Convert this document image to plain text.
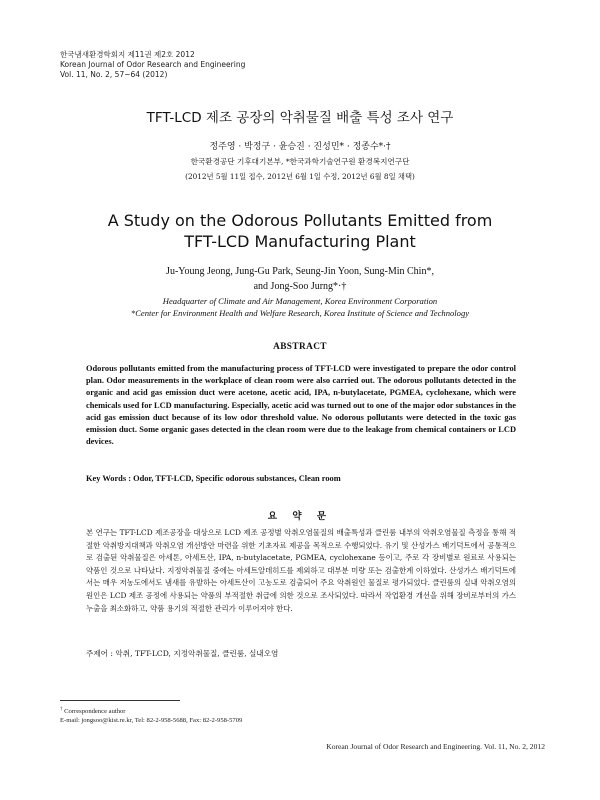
한국냄새환경학회지 제11권 제2호 2012
Korean Journal of Odor Research and Engineering
Vol. 11, No. 2, 57~64 (2012)
TFT-LCD 제조 공장의 악취물질 배출 특성 조사 연구
정주영 · 박정구 · 윤승진 · 진성민* · 정종수*·†
한국환경공단 기후대기본부, *한국과학기술연구원 환경복지연구단
(2012년 5월 11일 접수, 2012년 6월 1일 수정, 2012년 6월 8일 채택)
A Study on the Odorous Pollutants Emitted from
TFT-LCD Manufacturing Plant
Ju-Young Jeong, Jung-Gu Park, Seung-Jin Yoon, Sung-Min Chin*,
and Jong-Soo Jurng*·†
Headquarter of Climate and Air Management, Korea Environment Corporation
*Center for Environment Health and Welfare Research, Korea Institute of Science and Technology
ABSTRACT
Odorous pollutants emitted from the manufacturing process of TFT-LCD were investigated to prepare the odor control plan. Odor measurements in the workplace of clean room were also carried out. The odorous pollutants detected in the organic and acid gas emission duct were acetone, acetic acid, IPA, n-butylacetate, PGMEA, cyclohexane, which were chemicals used for LCD manufacturing. Especially, acetic acid was turned out to one of the major odor substances in the acid gas emission duct because of its low odor threshold value. No odorous pollutants were detected in the toxic gas emission duct. Some organic gases detected in the clean room were due to the leakage from chemical containers or LCD devices.
Key Words : Odor, TFT-LCD, Specific odorous substances, Clean room
요 약 문
본 연구는 TFT-LCD 제조공장을 대상으로 LCD 제조 공정별 악취오염물질의 배출특성과 클린룸 내부의 악취오염물질 측정을 통해 적절한 악취방지대책과 악취오염 개선방안 마련을 위한 기초자료 제공을 목적으로 수행되었다. 유기 및 산성가스 배기덕트에서 공통적으로 검출된 악취물질은 아세톤, 아세트산, IPA, n-butylacetate, PGMEA, cyclohexane 등이고, 주로 각 장비별로 원료로 사용되는 약품인 것으로 나타났다. 지정악취물질 중에는 아세트알데히드를 제외하고 대부분 미량 또는 검출한계 이하였다. 산성가스 배기덕트에서는 매우 저농도에서도 냄새를 유발하는 아세트산이 고농도로 검출되어 주요 악취원인 물질로 평가되었다. 클린룸의 실내 악취오염의 원인은 LCD 제조 공정에 사용되는 약품의 부적절한 취급에 의한 것으로 조사되었다. 따라서 작업환경 개선을 위해 장비로부터의 가스누출을 최소화하고, 약품 용기의 적절한 관리가 이루어져야 한다.
주제어 : 악취, TFT-LCD, 지정악취물질, 클린룸, 실내오염
† Correspondence author
E-mail: jongsoo@kist.re.kr, Tel: 82-2-958-5688, Fax: 82-2-958-5709
Korean Journal of Odor Research and Engineering. Vol. 11, No. 2, 2012
